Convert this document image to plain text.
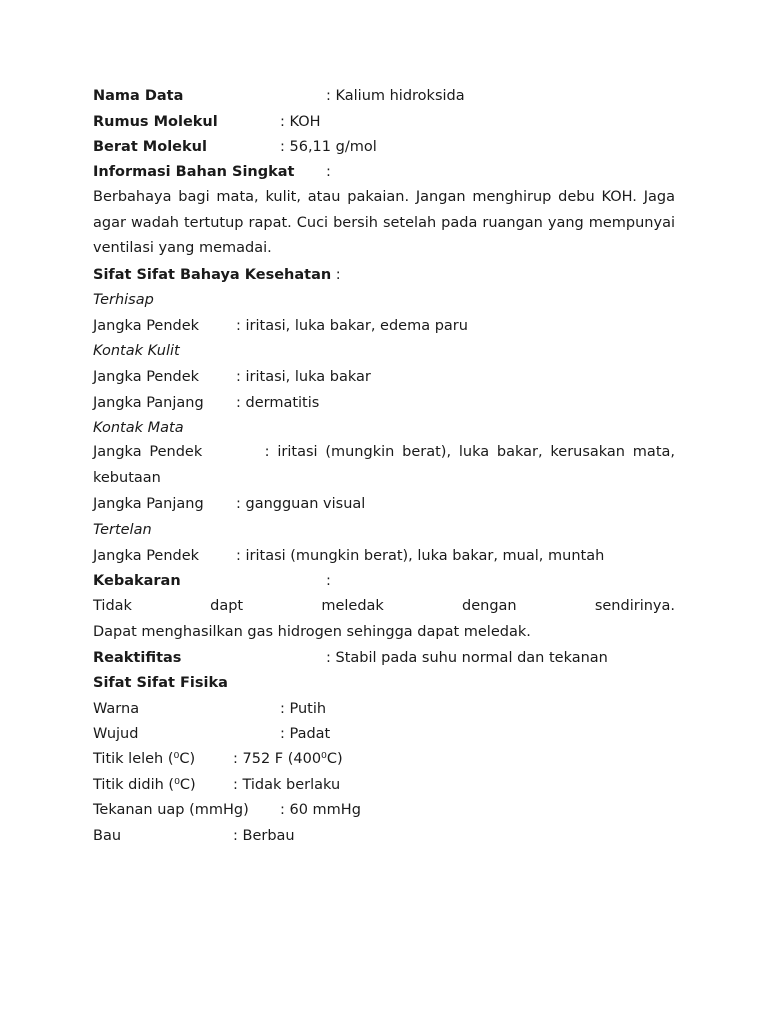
Nama Data	: Kalium hidroksida
Rumus Molekul	: KOH
Berat Molekul	: 56,11 g/mol
Informasi Bahan Singkat :
Berbahaya bagi mata, kulit, atau pakaian. Jangan menghirup debu KOH. Jaga agar wadah tertutup rapat. Cuci bersih setelah pada ruangan yang mempunyai ventilasi yang memadai.
Sifat Sifat Bahaya Kesehatan :
Terhisap
Jangka Pendek	: iritasi, luka bakar, edema paru
Kontak Kulit
Jangka Pendek	: iritasi, luka bakar
Jangka Panjang : dermatitis
Kontak Mata
Jangka Pendek        : iritasi (mungkin berat), luka bakar, kerusakan mata, kebutaan
Jangka Panjang : gangguan visual
Tertelan
Jangka Pendek	: iritasi (mungkin berat), luka bakar, mual, muntah
Kebakaran	:
Tidak	dapt	meledak	dengan	sendirinya.
Dapat menghasilkan gas hidrogen sehingga dapat meledak.
Reaktifitas	: Stabil pada suhu normal dan tekanan
Sifat Sifat Fisika
Warna	: Putih
Wujud	: Padat
Titik leleh (⁰C)	: 752 F (400⁰C)
Titik didih (⁰C)	: Tidak berlaku
Tekanan uap (mmHg) : 60 mmHg
Bau	: Berbau
